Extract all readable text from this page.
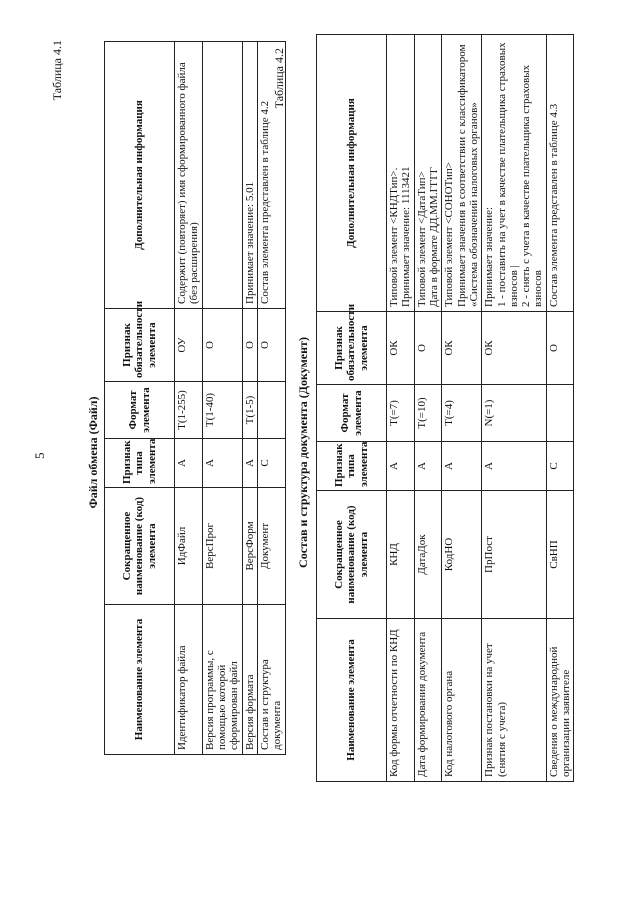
5
Таблица 4.1
Файл обмена (Файл)
Наименование элемента	Сокращенное наименование (код) элемента	Признак типа элемента	Формат элемента	Признак обязательности элемента	Дополнительная информация
Идентификатор файла	ИдФайл	А	Т(1-255)	ОУ	Содержит (повторяет) имя сформированного файла (без расширения)
Версия программы, с помощью которой сформирован файл	ВерсПрог	А	Т(1-40)	О	
Версия формата	ВерсФорм	А	Т(1-5)	О	Принимает значение: 5.01
Состав и структура документа	Документ	С		О	Состав элемента представлен в таблице 4.2
Таблица 4.2
Состав и структура документа (Документ)
Наименование элемента	Сокращенное наименование (код) элемента	Признак типа элемента	Формат элемента	Признак обязательности элемента	Дополнительная информация
Код формы отчетности по КНД	КНД	А	Т(=7)	ОК	Типовой элемент <КНДТип>.
Принимает значение: 1113421
Дата формирования документа	ДатаДок	А	Т(=10)	О	Типовой элемент <ДатаТип>
Дата в формате ДД.ММ.ГГГГ
Код налогового органа	КодНО	А	Т(=4)	ОК	Типовой элемент <СОНОТип>
Принимает значения в соответствии с классификатором «Система обозначений налоговых органов»
Признак постановки на учет (снятия с учета)	ПрПост	А	N(=1)	ОК	Принимает значение:
1 - поставить на учет в качестве плательщика страховых взносов |
2 - снять с учета в качестве плательщика страховых взносов
Сведения о международной организации заявителе	СвНП	С		О	Состав элемента представлен в таблице 4.3
